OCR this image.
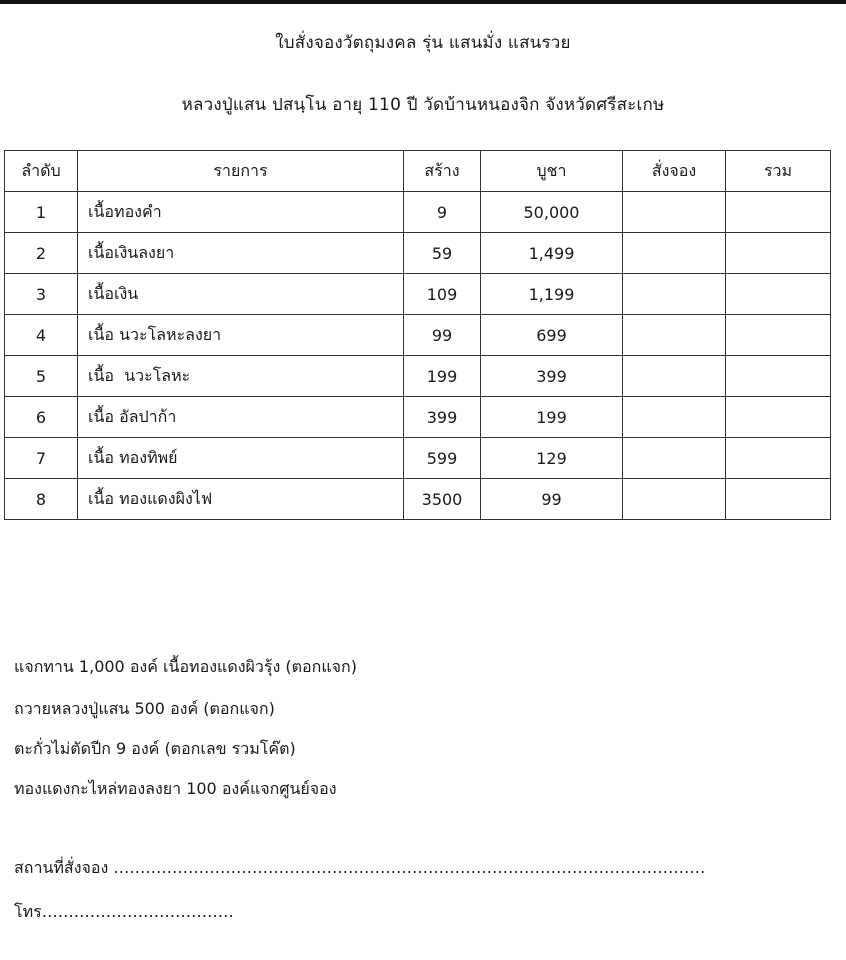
ใบสั่งจองวัตถุมงคล รุ่น แสนมั่ง แสนรวย
หลวงปู่แสน ปสนฺโน อายุ 110 ปี วัดบ้านหนองจิก จังหวัดศรีสะเกษ
ลำดับ	รายการ	สร้าง	บูชา	สั่งจอง	รวม
1	เนื้อทองคำ	9	50,000		
2	เนื้อเงินลงยา	59	1,499		
3	เนื้อเงิน	109	1,199		
4	เนื้อ นวะโลหะลงยา	99	699		
5	เนื้อ  นวะโลหะ	199	399		
6	เนื้อ อัลปาก้า	399	199		
7	เนื้อ ทองทิพย์	599	129		
8	เนื้อ ทองแดงผิงไฟ	3500	99		
แจกทาน 1,000 องค์ เนื้อทองแดงผิวรุ้ง (ตอกแจก)
ถวายหลวงปู่แสน 500 องค์ (ตอกแจก)
ตะกั่วไม่ตัดปีก 9 องค์ (ตอกเลข รวมโค๊ต)
ทองแดงกะไหล่ทองลงยา 100 องค์แจกศูนย์จอง
สถานที่สั่งจอง …………………………………………………………………………………………………
โทร………………………………
